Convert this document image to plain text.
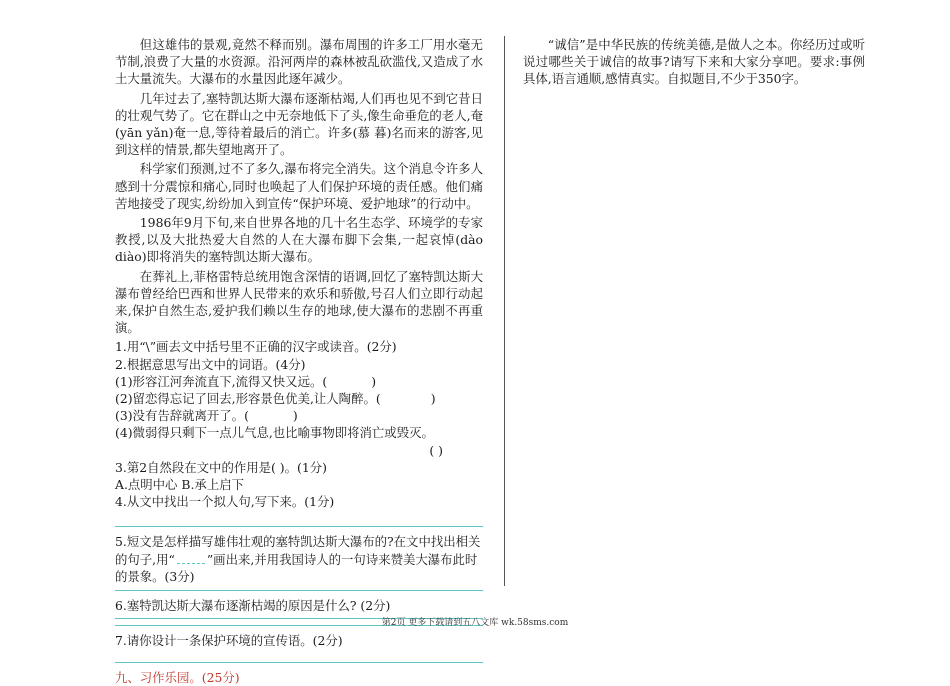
但这雄伟的景观,竟然不释而别。瀑布周围的许多工厂用水毫无节制,浪费了大量的水资源。沿河两岸的森林被乱砍滥伐,又造成了水土大量流失。大瀑布的水量因此逐年减少。

几年过去了,塞特凯达斯大瀑布逐渐枯竭,人们再也见不到它昔日的壮观气势了。它在群山之中无奈地低下了头,像生命垂危的老人,奄(yān yǎn)奄一息,等待着最后的消亡。许多(慕 暮)名而来的游客,见到这样的情景,都失望地离开了。

科学家们预测,过不了多久,瀑布将完全消失。这个消息令许多人感到十分震惊和痛心,同时也唤起了人们保护环境的责任感。他们痛苦地接受了现实,纷纷加入到宣传“保护环境、爱护地球”的行动中。

1986年9月下旬,来自世界各地的几十名生态学、环境学的专家教授,以及大批热爱大自然的人在大瀑布脚下会集,一起哀悼(dào diào)即将消失的塞特凯达斯大瀑布。

在葬礼上,菲格雷特总统用饱含深情的语调,回忆了塞特凯达斯大瀑布曾经给巴西和世界人民带来的欢乐和骄傲,号召人们立即行动起来,保护自然生态,爱护我们赖以生存的地球,使大瀑布的悲剧不再重演。

1.用“\”画去文中括号里不正确的汉字或读音。(2分)

2.根据意思写出文中的词语。(4分)

(1)形容江河奔流直下,流得又快又远。(	)

(2)留恋得忘记了回去,形容景色优美,让人陶醉。(	)

(3)没有告辞就离开了。(	)

(4)微弱得只剩下一点儿气息,也比喻事物即将消亡或毁灭。

( )

3.第2自然段在文中的作用是( )。(1分)

A.点明中心 B.承上启下

4.从文中找出一个拟人句,写下来。(1分)

5.短文是怎样描写雄伟壮观的塞特凯达斯大瀑布的?在文中找出相关的句子,用“	”画出来,并用我国诗人的一句诗来赞美大瀑布此时的景象。(3分)

6.塞特凯达斯大瀑布逐渐枯竭的原因是什么? (2分)

7.请你设计一条保护环境的宣传语。(2分)

九、习作乐园。(25分)

“诚信”是中华民族的传统美德,是做人之本。你经历过或听说过哪些关于诚信的故事?请写下来和大家分享吧。要求:事例具体,语言通顺,感情真实。自拟题目,不少于350字。

第2页 更多下载请到五八文库 wk.58sms.com
